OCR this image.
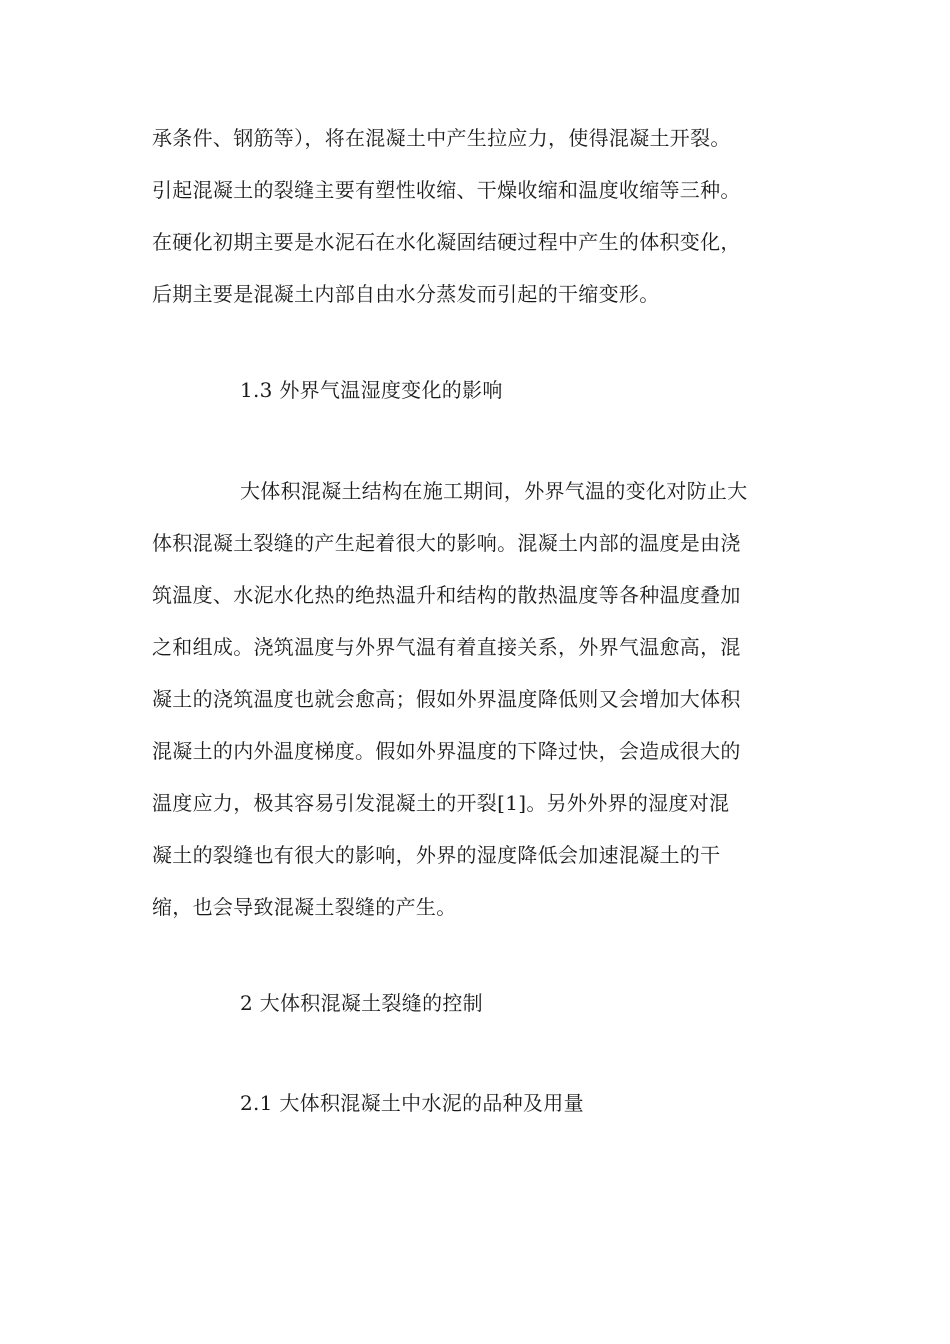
承条件、钢筋等），将在混凝土中产生拉应力，使得混凝土开裂。
引起混凝土的裂缝主要有塑性收缩、干燥收缩和温度收缩等三种。
在硬化初期主要是水泥石在水化凝固结硬过程中产生的体积变化，
后期主要是混凝土内部自由水分蒸发而引起的干缩变形。
1.3 外界气温湿度变化的影响
大体积混凝土结构在施工期间，外界气温的变化对防止大
体积混凝土裂缝的产生起着很大的影响。混凝土内部的温度是由浇
筑温度、水泥水化热的绝热温升和结构的散热温度等各种温度叠加
之和组成。浇筑温度与外界气温有着直接关系，外界气温愈高，混
凝土的浇筑温度也就会愈高；假如外界温度降低则又会增加大体积
混凝土的内外温度梯度。假如外界温度的下降过快，会造成很大的
温度应力，极其容易引发混凝土的开裂[1]。另外外界的湿度对混
凝土的裂缝也有很大的影响，外界的湿度降低会加速混凝土的干
缩，也会导致混凝土裂缝的产生。
2 大体积混凝土裂缝的控制
2.1 大体积混凝土中水泥的品种及用量
